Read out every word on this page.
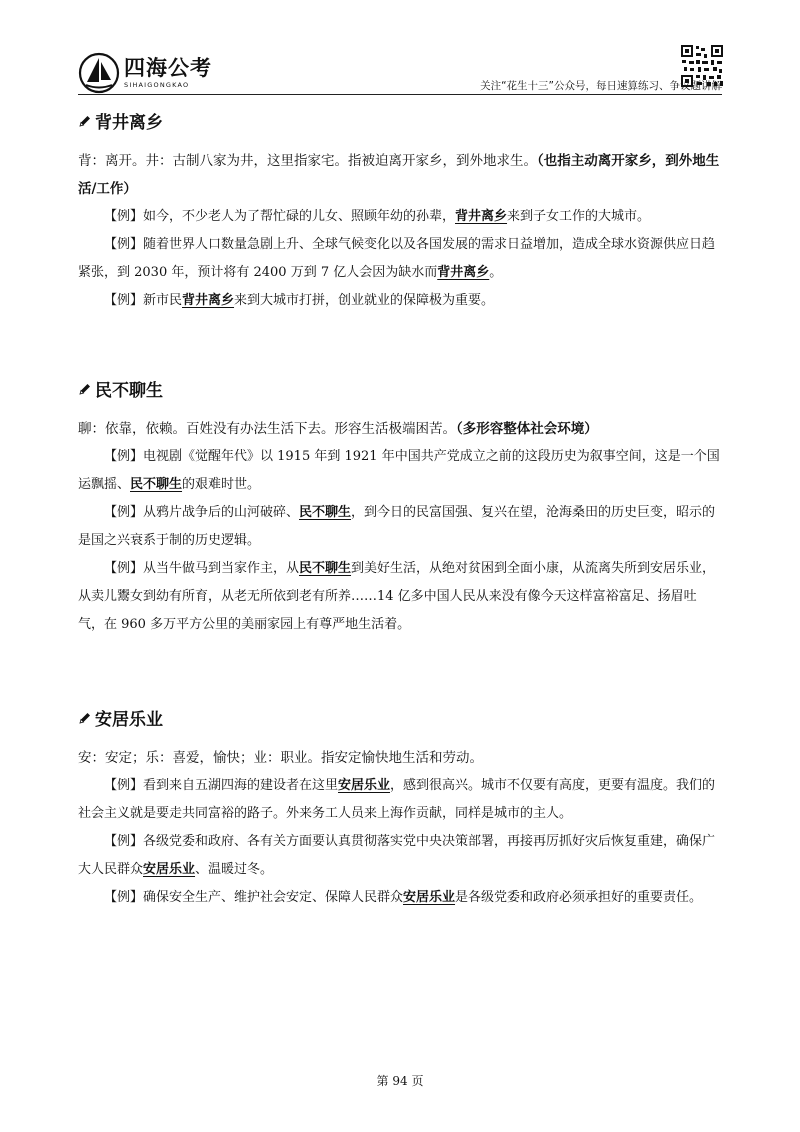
四海公考
SIHAIGONGKAO	关注“花生十三”公众号，每日速算练习、争议题讲解
背井离乡
背：离开。井：古制八家为井，这里指家宅。指被迫离开家乡，到外地求生。（也指主动离开家乡，到外地生活/工作）
【例】如今，不少老人为了帮忙碌的儿女、照顾年幼的孙辈，背井离乡来到子女工作的大城市。
【例】随着世界人口数量急剧上升、全球气候变化以及各国发展的需求日益增加，造成全球水资源供应日趋紧张，到 2030 年，预计将有 2400 万到 7 亿人会因为缺水而背井离乡。
【例】新市民背井离乡来到大城市打拼，创业就业的保障极为重要。
民不聊生
聊：依靠，依赖。百姓没有办法生活下去。形容生活极端困苦。（多形容整体社会环境）
【例】电视剧《觉醒年代》以 1915 年到 1921 年中国共产党成立之前的这段历史为叙事空间，这是一个国运飘摇、民不聊生的艰难时世。
【例】从鸦片战争后的山河破碎、民不聊生，到今日的民富国强、复兴在望，沧海桑田的历史巨变，昭示的是国之兴衰系于制的历史逻辑。
【例】从当牛做马到当家作主，从民不聊生到美好生活，从绝对贫困到全面小康，从流离失所到安居乐业，从卖儿鬻女到幼有所育，从老无所依到老有所养……14 亿多中国人民从来没有像今天这样富裕富足、扬眉吐气，在 960 多万平方公里的美丽家园上有尊严地生活着。
安居乐业
安：安定；乐：喜爱，愉快；业：职业。指安定愉快地生活和劳动。
【例】看到来自五湖四海的建设者在这里安居乐业，感到很高兴。城市不仅要有高度，更要有温度。我们的社会主义就是要走共同富裕的路子。外来务工人员来上海作贡献，同样是城市的主人。
【例】各级党委和政府、各有关方面要认真贯彻落实党中央决策部署，再接再厉抓好灾后恢复重建，确保广大人民群众安居乐业、温暖过冬。
【例】确保安全生产、维护社会安定、保障人民群众安居乐业是各级党委和政府必须承担好的重要责任。
第 94 页
